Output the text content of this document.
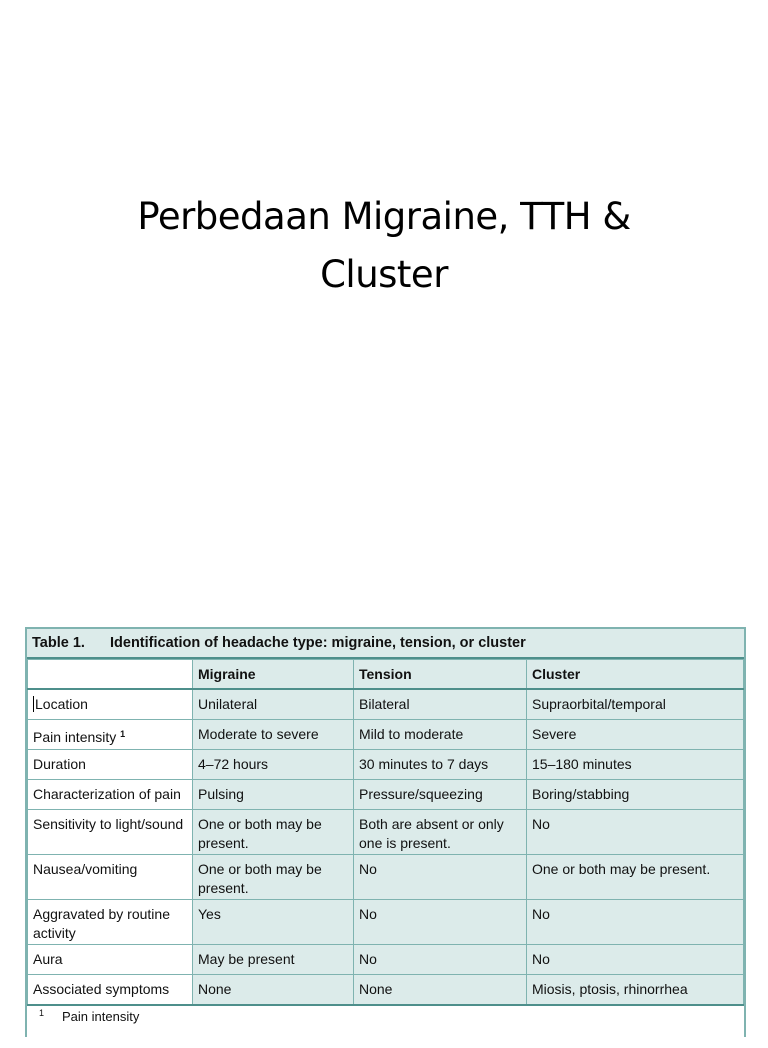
Perbedaan Migraine, TTH &
Cluster
Table 1. Identification of headache type: migraine, tension, or cluster
	Migraine	Tension	Cluster
Location	Unilateral	Bilateral	Supraorbital/temporal
Pain intensity $^1$	Moderate to severe	Mild to moderate	Severe
Duration	4–72 hours	30 minutes to 7 days	15–180 minutes
Characterization of pain	Pulsing	Pressure/squeezing	Boring/stabbing
Sensitivity to light/sound	One or both may be present.	Both are absent or only one is present.	No
Nausea/vomiting	One or both may be present.	No	One or both may be present.
Aggravated by routine activity	Yes	No	No
Aura	May be present	No	No
Associated symptoms	None	None	Miosis, ptosis, rhinorrhea
$^1$ Pain intensity
